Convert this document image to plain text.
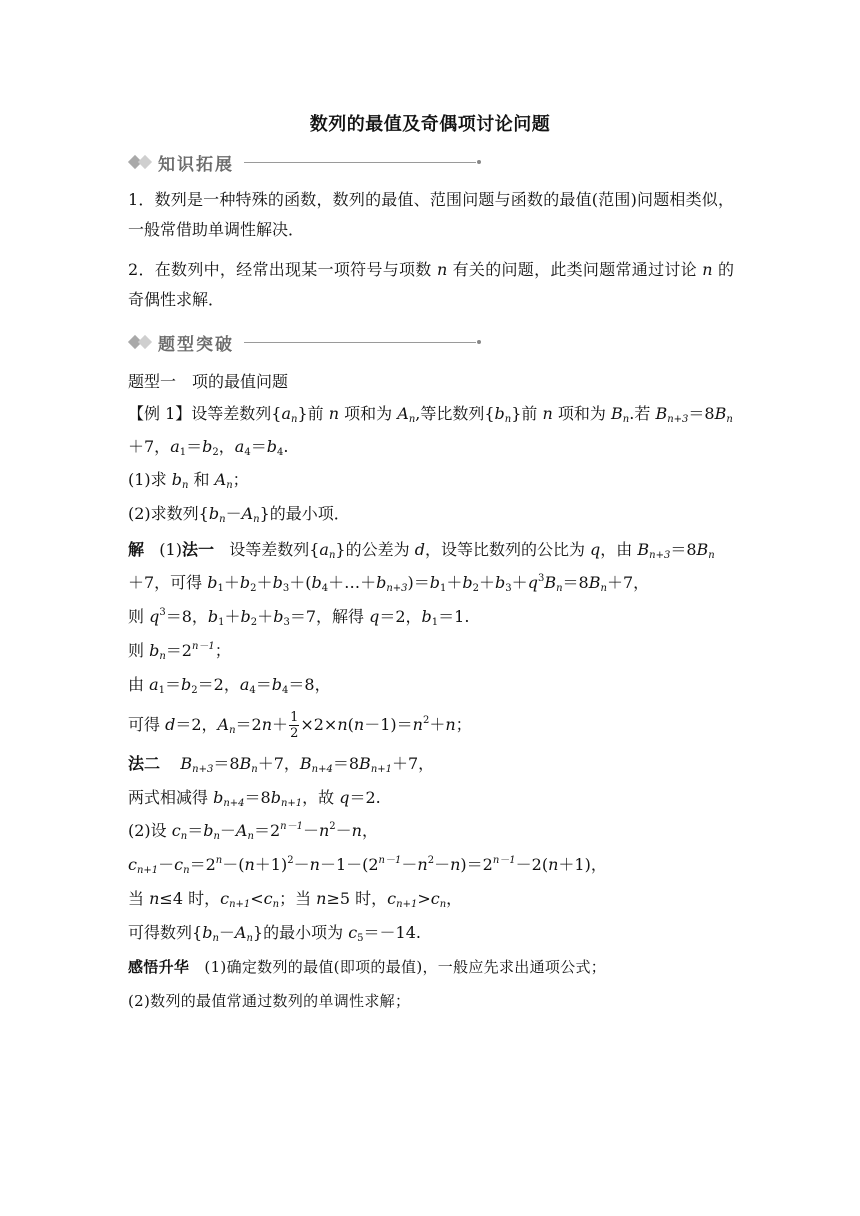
数列的最值及奇偶项讨论问题
知识拓展
1．数列是一种特殊的函数，数列的最值、范围问题与函数的最值(范围)问题相类似，一般常借助单调性解决．
2．在数列中，经常出现某一项符号与项数 n 有关的问题，此类问题常通过讨论 n 的奇偶性求解．
题型突破
题型一　项的最值问题
【例 1】设等差数列$\{a_n\}$前 n 项和为 $A_n$,等比数列$\{b_n\}$前 n 项和为 $B_n$.若 $B_{n+3}=8B_n$
＋7，$a_1=b_2$，$a_4=b_4$.
(1)求 $b_n$ 和 $A_n$；
(2)求数列$\{b_n-A_n\}$的最小项．
解 (1)法一 设等差数列$\{a_n\}$的公差为 d，设等比数列的公比为 q，由 $B_{n+3}=8B_n$
＋7，可得 $b_1+b_2+b_3+(b_4+\dots+b_{n+3})=b_1+b_2+b_3+q^3B_n=8B_n+7$，
则 $q^3=8$，$b_1+b_2+b_3=7$，解得 q＝2，$b_1=1$.
则 $b_n=2^{n-1}$；
由 $a_1=b_2=2$，$a_4=b_4=8$，
可得 d＝2，$A_n=2n+ \frac{1}{2} \times 2\times n(n-1)=n^2+n$；
法二 $B_{n+3}=8B_n+7$，$B_{n+4}=8B_{n+1}+7$，
两式相减得 $b_{n+4}=8b_{n+1}$，故 q＝2.
(2)设 $c_n=b_n-A_n=2^{n-1}-n^2-n$，
$c_{n+1}-c_n=2^n-(n+1)^2-n-1-(2^{n-1}-n^2-n)=2^{n-1}-2(n+1)$，
当 n≤4 时，$c_{n+1}<c_n$；当 n≥5 时，$c_{n+1}>c_n$，
可得数列$\{b_n-A_n\}$的最小项为 $c_5=-14$.
感悟升华 (1)确定数列的最值(即项的最值)，一般应先求出通项公式；
(2)数列的最值常通过数列的单调性求解；
